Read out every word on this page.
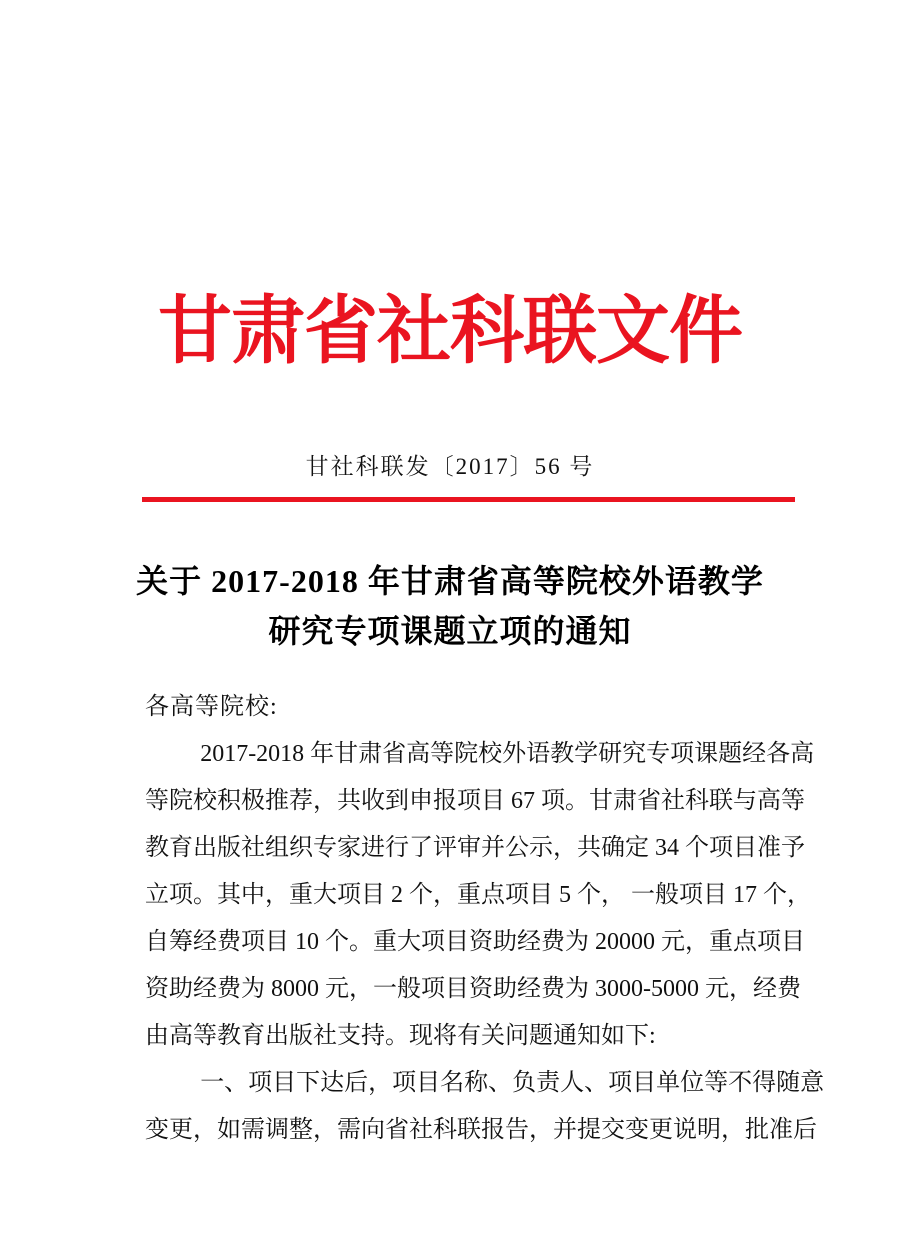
甘肃省社科联文件
甘社科联发〔2017〕56 号
关于 2017-2018 年甘肃省高等院校外语教学
研究专项课题立项的通知
各高等院校:
2017-2018 年甘肃省高等院校外语教学研究专项课题经各高
等院校积极推荐，共收到申报项目 67 项。甘肃省社科联与高等
教育出版社组织专家进行了评审并公示，共确定 34 个项目准予
立项。其中，重大项目 2 个，重点项目 5 个， 一般项目 17 个，
自筹经费项目 10 个。重大项目资助经费为 20000 元，重点项目
资助经费为 8000 元，一般项目资助经费为 3000-5000 元，经费
由高等教育出版社支持。现将有关问题通知如下:
一、项目下达后，项目名称、负责人、项目单位等不得随意
变更，如需调整，需向省社科联报告，并提交变更说明，批准后
